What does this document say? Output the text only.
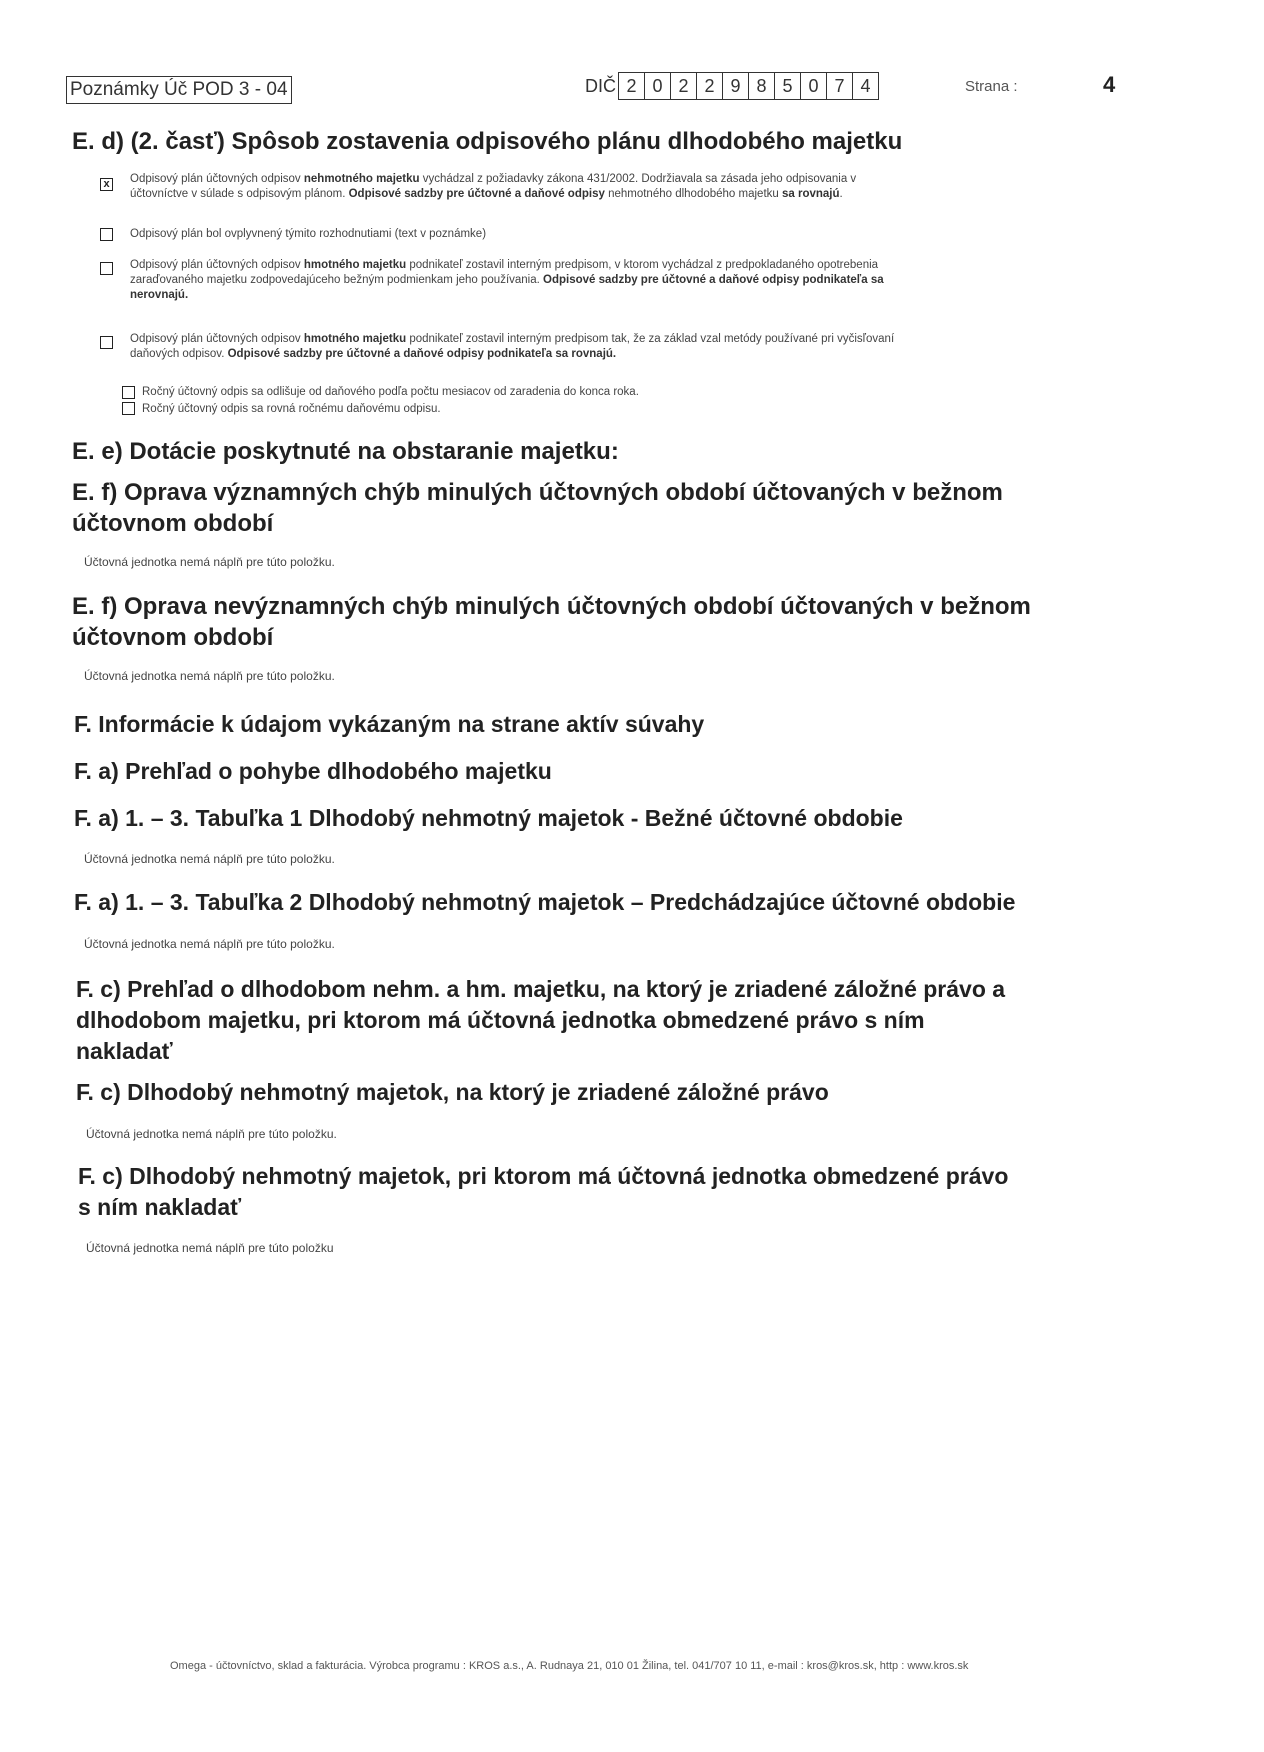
Poznámky Úč POD 3 - 04	DIČ 2 0 2 2 9 8 5 0 7 4	Strana :	4
E. d) (2. časť) Spôsob zostavenia odpisového plánu dlhodobého majetku
x Odpisový plán účtovných odpisov nehmotného majetku vychádzal z požiadavky zákona 431/2002. Dodržiavala sa zásada jeho odpisovania v
účtovníctve v súlade s odpisovým plánom. Odpisové sadzby pre účtovné a daňové odpisy nehmotného dlhodobého majetku sa rovnajú.
Odpisový plán bol ovplyvnený týmito rozhodnutiami (text v poznámke)
Odpisový plán účtovných odpisov hmotného majetku podnikateľ zostavil interným predpisom, v ktorom vychádzal z predpokladaného opotrebenia
zaraďovaného majetku zodpovedajúceho bežným podmienkam jeho používania. Odpisové sadzby pre účtovné a daňové odpisy podnikateľa sa
nerovnajú.
Odpisový plán účtovných odpisov hmotného majetku podnikateľ zostavil interným predpisom tak, že za základ vzal metódy používané pri vyčisľovaní
daňových odpisov. Odpisové sadzby pre účtovné a daňové odpisy podnikateľa sa rovnajú.
Ročný účtovný odpis sa odlišuje od daňového podľa počtu mesiacov od zaradenia do konca roka.
Ročný účtovný odpis sa rovná ročnému daňovému odpisu.
E. e) Dotácie poskytnuté na obstaranie majetku:
E. f) Oprava významných chýb minulých účtovných období účtovaných v bežnom
účtovnom období
Účtovná jednotka nemá náplň pre túto položku.
E. f) Oprava nevýznamných chýb minulých účtovných období účtovaných v bežnom
účtovnom období
Účtovná jednotka nemá náplň pre túto položku.
F. Informácie k údajom vykázaným na strane aktív súvahy
F. a) Prehľad o pohybe dlhodobého majetku
F. a) 1. – 3. Tabuľka 1 Dlhodobý nehmotný majetok - Bežné účtovné obdobie
Účtovná jednotka nemá náplň pre túto položku.
F. a) 1. – 3. Tabuľka 2 Dlhodobý nehmotný majetok – Predchádzajúce účtovné obdobie
Účtovná jednotka nemá náplň pre túto položku.
F. c) Prehľad o dlhodobom nehm. a hm. majetku, na ktorý je zriadené záložné právo a
dlhodobom majetku, pri ktorom má účtovná jednotka obmedzené právo s ním
nakladať
F. c) Dlhodobý nehmotný majetok, na ktorý je zriadené záložné právo
Účtovná jednotka nemá náplň pre túto položku.
F. c) Dlhodobý nehmotný majetok, pri ktorom má účtovná jednotka obmedzené právo
s ním nakladať
Účtovná jednotka nemá náplň pre túto položku
Omega - účtovníctvo, sklad a fakturácia. Výrobca programu : KROS a.s., A. Rudnaya 21, 010 01 Žilina, tel. 041/707 10 11, e-mail : kros@kros.sk, http : www.kros.sk
